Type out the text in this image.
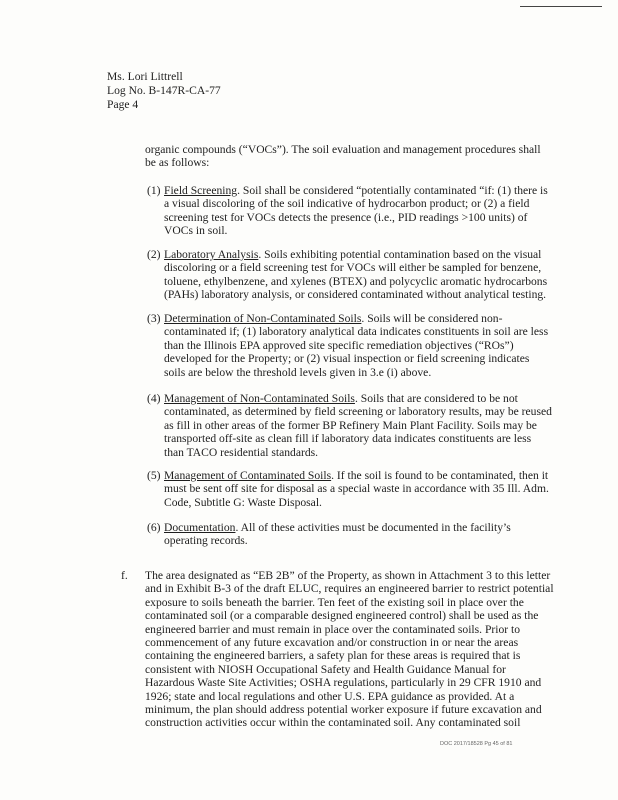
Ms. Lori Littrell
Log No. B-147R-CA-77
Page 4
organic compounds (“VOCs”). The soil evaluation and management procedures shall
be as follows:
(1) Field Screening. Soil shall be considered “potentially contaminated “if: (1) there is
a visual discoloring of the soil indicative of hydrocarbon product; or (2) a field
screening test for VOCs detects the presence (i.e., PID readings >100 units) of
VOCs in soil.
(2) Laboratory Analysis. Soils exhibiting potential contamination based on the visual
discoloring or a field screening test for VOCs will either be sampled for benzene,
toluene, ethylbenzene, and xylenes (BTEX) and polycyclic aromatic hydrocarbons
(PAHs) laboratory analysis, or considered contaminated without analytical testing.
(3) Determination of Non-Contaminated Soils. Soils will be considered non-
contaminated if; (1) laboratory analytical data indicates constituents in soil are less
than the Illinois EPA approved site specific remediation objectives (“ROs”)
developed for the Property; or (2) visual inspection or field screening indicates
soils are below the threshold levels given in 3.e (i) above.
(4) Management of Non-Contaminated Soils. Soils that are considered to be not
contaminated, as determined by field screening or laboratory results, may be reused
as fill in other areas of the former BP Refinery Main Plant Facility. Soils may be
transported off-site as clean fill if laboratory data indicates constituents are less
than TACO residential standards.
(5) Management of Contaminated Soils. If the soil is found to be contaminated, then it
must be sent off site for disposal as a special waste in accordance with 35 Ill. Adm.
Code, Subtitle G: Waste Disposal.
(6) Documentation. All of these activities must be documented in the facility’s
operating records.
The area designated as “EB 2B” of the Property, as shown in Attachment 3 to this letter
and in Exhibit B-3 of the draft ELUC, requires an engineered barrier to restrict potential
exposure to soils beneath the barrier. Ten feet of the existing soil in place over the
contaminated soil (or a comparable designed engineered control) shall be used as the
engineered barrier and must remain in place over the contaminated soils. Prior to
commencement of any future excavation and/or construction in or near the areas
containing the engineered barriers, a safety plan for these areas is required that is
consistent with NIOSH Occupational Safety and Health Guidance Manual for
Hazardous Waste Site Activities; OSHA regulations, particularly in 29 CFR 1910 and
1926; state and local regulations and other U.S. EPA guidance as provided. At a
minimum, the plan should address potential worker exposure if future excavation and
construction activities occur within the contaminated soil. Any contaminated soil
f.
DOC 2017/18528 Pg 45 of 81
